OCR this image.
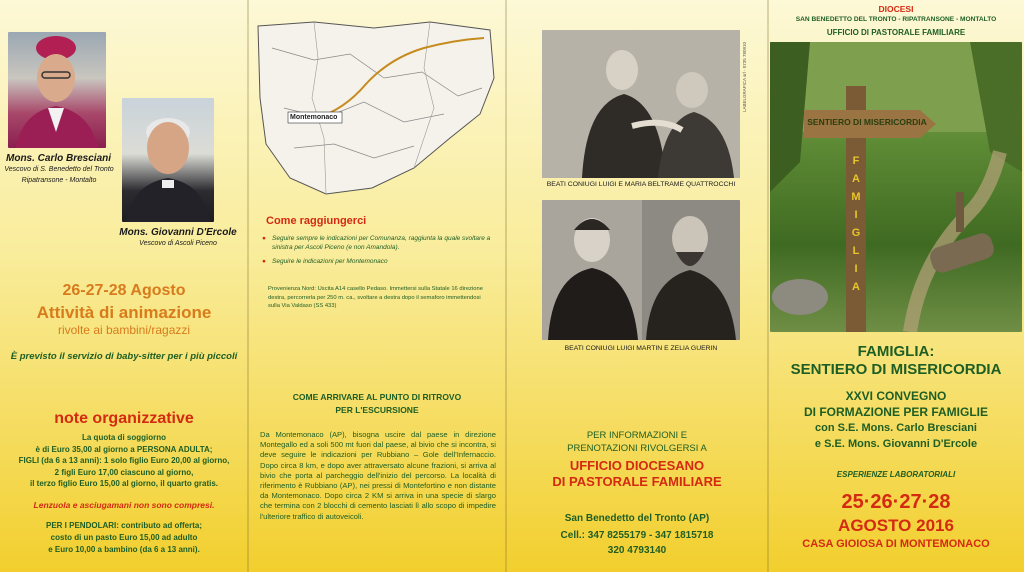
Mons. Carlo Bresciani
Vescovo di S. Benedetto del Tronto
Ripatransone - Montalto
Mons. Giovanni D'Ercole
Vescovo di Ascoli Piceno
26-27-28 Agosto
Attività di animazione
rivolte ai bambini/ragazzi
È previsto il servizio di baby-sitter per i più piccoli
note organizzative
La quota di soggiorno
è di Euro 35,00 al giorno a PERSONA ADULTA;
FIGLI (da 6 a 13 anni): 1 solo figlio Euro 20,00 al giorno,
2 figli Euro 17,00 ciascuno al giorno,
il terzo figlio Euro 15,00 al giorno, il quarto gratis.
Lenzuola e asciugamani non sono compresi.
PER I PENDOLARI: contributo ad offerta;
costo di un pasto Euro 15,00 ad adulto
e Euro 10,00 a bambino (da 6 a 13 anni).
Montemonaco
Come raggiungerci
● Seguire sempre le indicazioni per Comunanza, raggiunta la quale svoltare a sinistra per Ascoli Piceno (e non Amandola).
● Seguire le indicazioni per Montemonaco
Provenienza Nord: Uscita A14 casello Pedaso. Immettersi sulla Statale 16 direzione destra, percorrerla per 250 m. ca., svoltare a destra dopo il semaforo immettendosi sulla Via Valdaso (SS 433)
COME ARRIVARE AL PUNTO DI RITROVO
PER L'ESCURSIONE
Da Montemonaco (AP), bisogna uscire dal paese in direzione Montegallo ed a soli 500 mt fuori dal paese, al bivio che si incontra, si deve seguire le indicazioni per Rubbiano – Gole dell'Infernaccio. Dopo circa 8 km, e dopo aver attraversato alcune frazioni, si arriva al bivio che porta al parcheggio dell'inizio del percorso. La località di riferimento è Rubbiano (AP), nei pressi di Montefortino e non distante da Montemonaco. Dopo circa 2 KM si arriva in una specie di slargo che termina con 2 blocchi di cemento lasciati lì allo scopo di impedire l'ulteriore traffico di autoveicoli.
BEATI CONIUGI LUIGI E MARIA BELTRAME QUATTROCCHI
BEATI CONIUGI LUIGI MARTIN E ZELIA GUERIN
LABELGRAFICA srl · 0735 780910
PER INFORMAZIONI E
PRENOTAZIONI RIVOLGERSI A
UFFICIO DIOCESANO
DI PASTORALE FAMILIARE
San Benedetto del Tronto (AP)
Cell.: 347 8255179 - 347 1815718
320 4793140
DIOCESI
SAN BENEDETTO DEL TRONTO - RIPATRANSONE - MONTALTO
UFFICIO DI PASTORALE FAMILIARE
SENTIERO DI MISERICORDIA
F
A
M
I
G
L
I
A
FAMIGLIA:
SENTIERO DI MISERICORDIA
XXVI CONVEGNO
DI FORMAZIONE PER FAMIGLIE
con S.E. Mons. Carlo Bresciani
e S.E. Mons. Giovanni D'Ercole
ESPERIENZE LABORATORIALI
25·26·27·28
AGOSTO 2016
CASA GIOIOSA DI MONTEMONACO
